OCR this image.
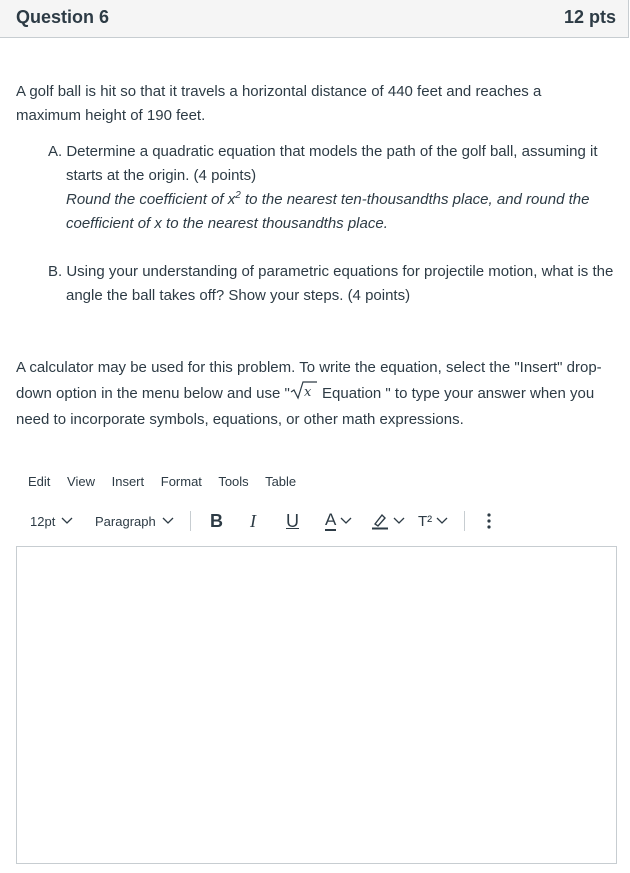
Question 6	12 pts

A golf ball is hit so that it travels a horizontal distance of 440 feet and reaches a maximum height of 190 feet.

A. Determine a quadratic equation that models the path of the golf ball, assuming it starts at the origin. (4 points)
Round the coefficient of $x^2$ to the nearest ten-thousandths place, and round the coefficient of x to the nearest thousandths place.
B. Using your understanding of parametric equations for projectile motion, what is the angle the ball takes off? Show your steps. (4 points)

A calculator may be used for this problem. To write the equation, select the "Insert" drop-down option in the menu below and use " x Equation " to type your answer when you need to incorporate symbols, equations, or other math expressions.

Edit View Insert Format Tools Table
12pt	Paragraph	B I U A	T²
